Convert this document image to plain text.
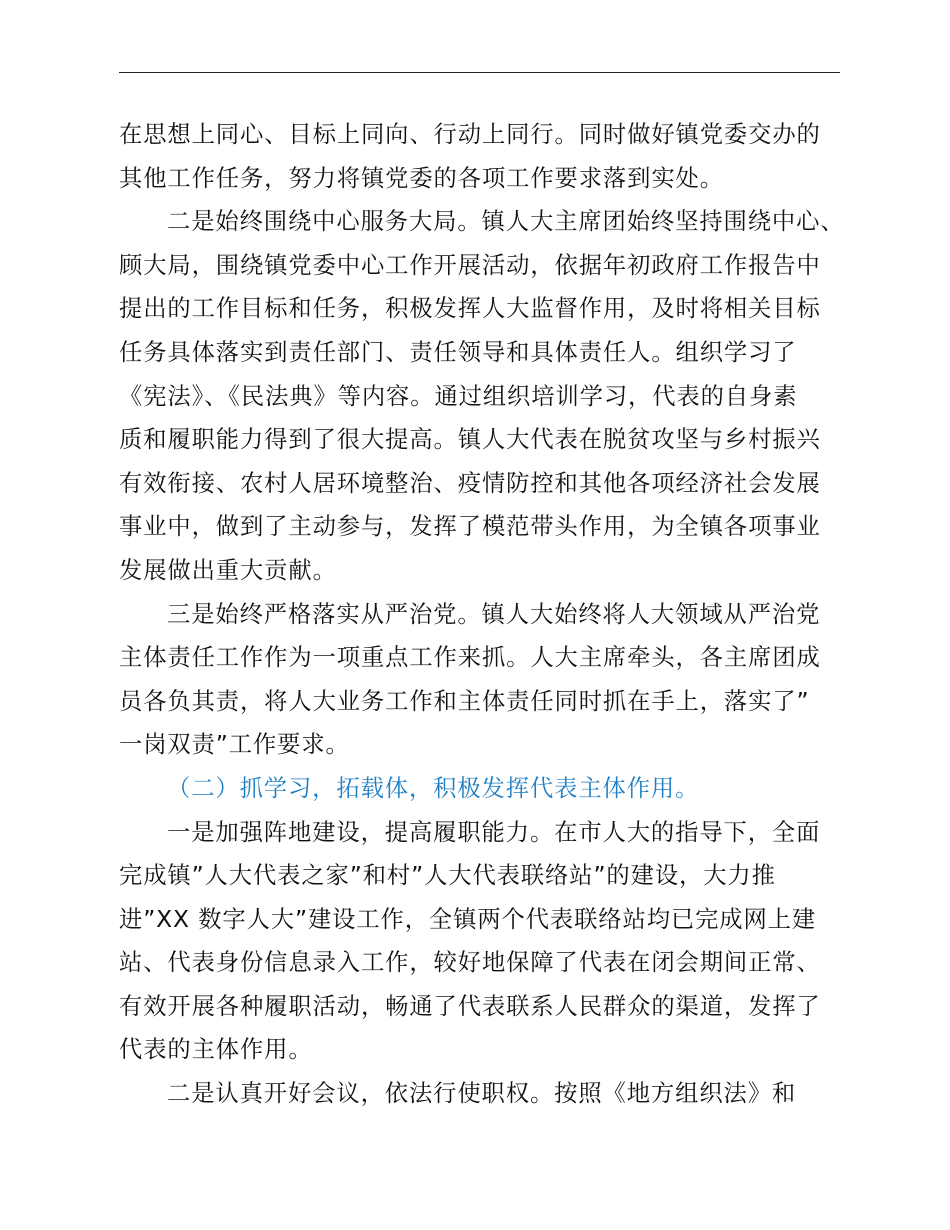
在思想上同心、目标上同向、行动上同行。同时做好镇党委交办的
其他工作任务，努力将镇党委的各项工作要求落到实处。
二是始终围绕中心服务大局。镇人大主席团始终坚持围绕中心、
顾大局，围绕镇党委中心工作开展活动，依据年初政府工作报告中
提出的工作目标和任务，积极发挥人大监督作用，及时将相关目标
任务具体落实到责任部门、责任领导和具体责任人。组织学习了
《宪法》、《民法典》等内容。通过组织培训学习，代表的自身素
质和履职能力得到了很大提高。镇人大代表在脱贫攻坚与乡村振兴
有效衔接、农村人居环境整治、疫情防控和其他各项经济社会发展
事业中，做到了主动参与，发挥了模范带头作用，为全镇各项事业
发展做出重大贡献。
三是始终严格落实从严治党。镇人大始终将人大领域从严治党
主体责任工作作为一项重点工作来抓。人大主席牵头，各主席团成
员各负其责，将人大业务工作和主体责任同时抓在手上，落实了”
一岗双责”工作要求。
（二）抓学习，拓载体，积极发挥代表主体作用。
一是加强阵地建设，提高履职能力。在市人大的指导下，全面
完成镇”人大代表之家”和村”人大代表联络站”的建设，大力推
进”XX 数字人大”建设工作，全镇两个代表联络站均已完成网上建
站、代表身份信息录入工作，较好地保障了代表在闭会期间正常、
有效开展各种履职活动，畅通了代表联系人民群众的渠道，发挥了
代表的主体作用。
二是认真开好会议，依法行使职权。按照《地方组织法》和
